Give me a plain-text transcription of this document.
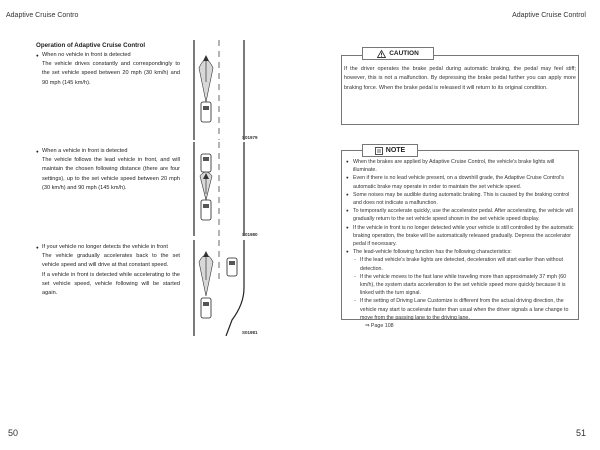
Adaptive Cruise Contro	Adaptive Cruise Control

Operation of Adaptive Cruise Control

● When no vehicle in front is detected

The vehicle drives constantly and correspondingly to the set vehicle speed between 20 mph (30 km/h) and 90 mph (145 km/h).

● When a vehicle in front is detected

The vehicle follows the lead vehicle in front, and will maintain the chosen following distance (there are four settings), up to the set vehicle speed between 20 mph (30 km/h) and 90 mph (145 km/h).

● If your vehicle no longer detects the vehicle in front

The vehicle gradually accelerates back to the set vehicle speed and will drive at that constant speed.

If a vehicle in front is detected while accelerating to the set vehicle speed, vehicle following will be started again.

S01979
S01980
S01981
CAUTION
If the driver operates the brake pedal during automatic braking, the pedal may feel stiff; however, this is not a malfunction. By depressing the brake pedal further you can apply more braking force. When the brake pedal is released it will return to its original condition.
NOTE

● When the brakes are applied by Adaptive Cruise Control, the vehicle's brake lights will illuminate.

● Even if there is no lead vehicle present, on a downhill grade, the Adaptive Cruise Control's automatic brake may operate in order to maintain the set vehicle speed.

● Some noises may be audible during automatic braking. This is caused by the braking control and does not indicate a malfunction.

● To temporarily accelerate quickly, use the accelerator pedal. After accelerating, the vehicle will gradually return to the set vehicle speed shown in the set vehicle speed display.

● If the vehicle in front is no longer detected while your vehicle is still controlled by the automatic braking operation, the brake will be automatically released gradually. Depress the accelerator pedal if necessary.

● The lead-vehicle following function has the following characteristics:

- If the lead vehicle's brake lights are detected, deceleration will start earlier than without detection.

- If the vehicle moves to the fast lane while traveling more than approximately 37 mph (60 km/h), the system starts acceleration to the set vehicle speed more quickly because it is linked with the turn signal.

- If the setting of Driving Lane Customize is different from the actual driving direction, the vehicle may start to accelerate faster than usual when the driver signals a lane change to move from the passing lane to the driving lane.

⇒ Page 108

50	51
